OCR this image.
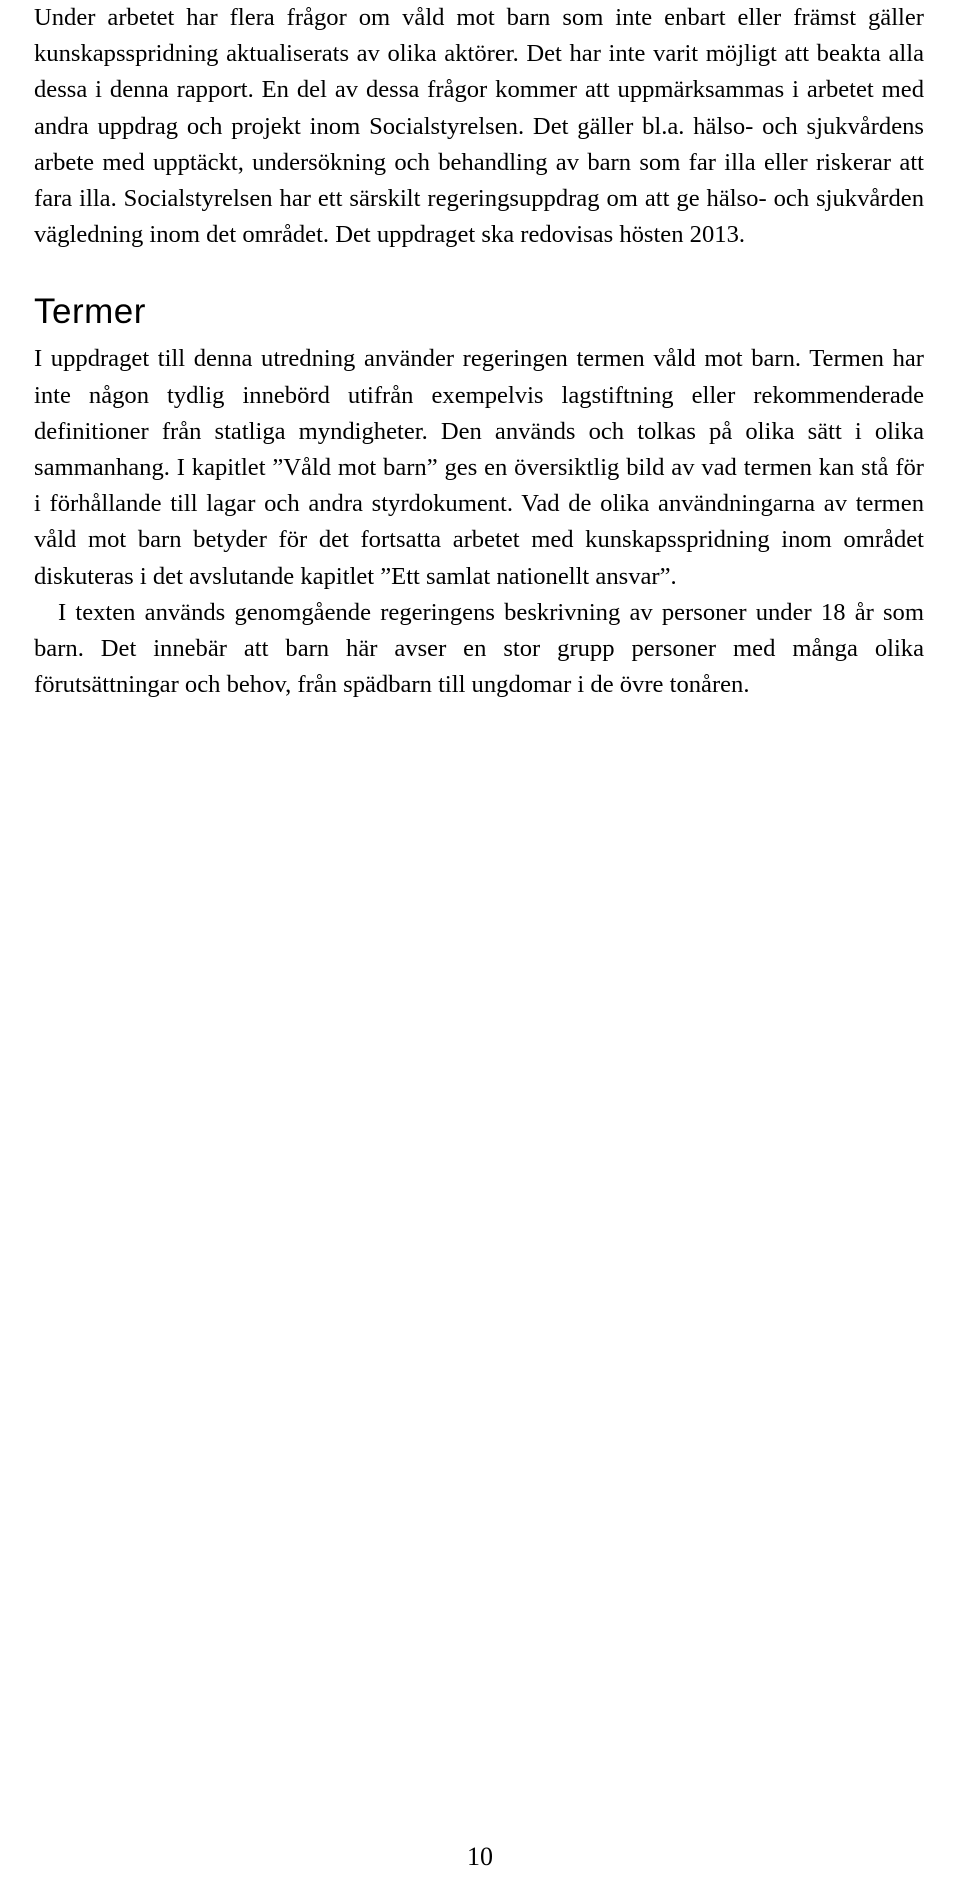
Under arbetet har flera frågor om våld mot barn som inte enbart eller främst gäller kunskapsspridning aktualiserats av olika aktörer. Det har inte varit möjligt att beakta alla dessa i denna rapport. En del av dessa frågor kommer att uppmärksammas i arbetet med andra uppdrag och projekt inom Socialstyrelsen. Det gäller bl.a. hälso- och sjukvårdens arbete med upptäckt, undersökning och behandling av barn som far illa eller riskerar att fara illa. Socialstyrelsen har ett särskilt regeringsuppdrag om att ge hälso- och sjukvården vägledning inom det området. Det uppdraget ska redovisas hösten 2013.

Termer

I uppdraget till denna utredning använder regeringen termen våld mot barn. Termen har inte någon tydlig innebörd utifrån exempelvis lagstiftning eller rekommenderade definitioner från statliga myndigheter. Den används och tolkas på olika sätt i olika sammanhang. I kapitlet ”Våld mot barn” ges en översiktlig bild av vad termen kan stå för i förhållande till lagar och andra styrdokument. Vad de olika användningarna av termen våld mot barn betyder för det fortsatta arbetet med kunskapsspridning inom området diskuteras i det avslutande kapitlet ”Ett samlat nationellt ansvar”.

I texten används genomgående regeringens beskrivning av personer under 18 år som barn. Det innebär att barn här avser en stor grupp personer med många olika förutsättningar och behov, från spädbarn till ungdomar i de övre tonåren.

10
